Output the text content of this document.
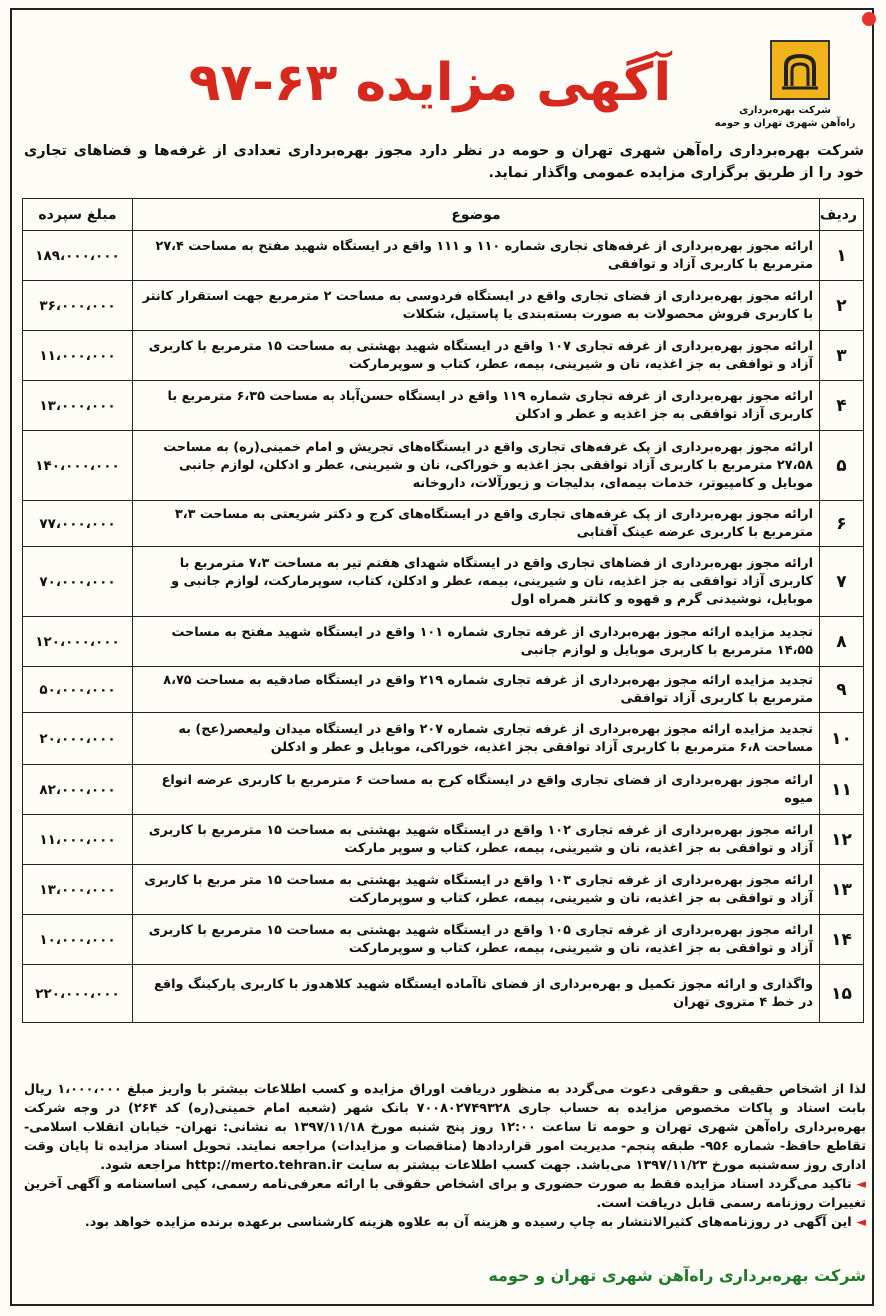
شرکت بهره‌برداری
راه‌آهن شهری تهران و حومه
آگهی مزایده ۶۳-۹۷
شرکت بهره‌برداری راه‌آهن شهری تهران و حومه در نظر دارد مجوز بهره‌برداری تعدادی از غرفه‌ها و فضاهای تجاری خود را از طریق برگزاری مزایده عمومی واگذار نماید.
ردیف	موضوع	مبلغ سپرده
۱	ارائه مجوز بهره‌برداری از غرفه‌های تجاری شماره ۱۱۰ و ۱۱۱ واقع در ایستگاه شهید مفتح به مساحت ۲۷،۴ مترمربع با کاربری آزاد و توافقی	۱۸۹،۰۰۰،۰۰۰
۲	ارائه مجوز بهره‌برداری از فضای تجاری واقع در ایستگاه فردوسی به مساحت ۲ مترمربع جهت استقرار کانتر با کاربری فروش محصولات به صورت بسته‌بندی یا پاستیل، شکلات	۳۶،۰۰۰،۰۰۰
۳	ارائه مجوز بهره‌برداری از غرفه تجاری ۱۰۷ واقع در ایستگاه شهید بهشتی به مساحت ۱۵ مترمربع با کاربری آزاد و توافقی به جز اغذیه، نان و شیرینی، بیمه، عطر، کتاب و سوپرمارکت	۱۱،۰۰۰،۰۰۰
۴	ارائه مجوز بهره‌برداری از غرفه تجاری شماره ۱۱۹ واقع در ایستگاه حسن‌آباد به مساحت ۶،۳۵ مترمربع با کاربری آزاد توافقی به جز اغذیه و عطر و ادکلن	۱۳،۰۰۰،۰۰۰
۵	ارائه مجوز بهره‌برداری از پک غرفه‌های تجاری واقع در ایستگاه‌های تجریش و امام خمینی(ره) به مساحت ۲۷،۵۸ مترمربع با کاربری آزاد توافقی بجز اغذیه و خوراکی، نان و شیرینی، عطر و ادکلن، لوازم جانبی موبایل و کامپیوتر، خدمات بیمه‌ای، بدلیجات و زیورآلات، داروخانه	۱۴۰،۰۰۰،۰۰۰
۶	ارائه مجوز بهره‌برداری از پک غرفه‌های تجاری واقع در ایستگاه‌های کرج و دکتر شریعتی به مساحت ۳،۳ مترمربع با کاربری عرضه عینک آفتابی	۷۷،۰۰۰،۰۰۰
۷	ارائه مجوز بهره‌برداری از فضاهای تجاری واقع در ایستگاه شهدای هفتم تیر به مساحت ۷،۳ مترمربع با کاربری آزاد توافقی به جز اغذیه، نان و شیرینی، بیمه، عطر و ادکلن، کتاب، سوپرمارکت، لوازم جانبی و موبایل، نوشیدنی گرم و قهوه و کانتر همراه اول	۷۰،۰۰۰،۰۰۰
۸	تجدید مزایده ارائه مجوز بهره‌برداری از غرفه تجاری شماره ۱۰۱ واقع در ایستگاه شهید مفتح به مساحت ۱۴،۵۵ مترمربع با کاربری موبایل و لوازم جانبی	۱۲۰،۰۰۰،۰۰۰
۹	تجدید مزایده ارائه مجوز بهره‌برداری از غرفه تجاری شماره ۲۱۹ واقع در ایستگاه صادقیه به مساحت ۸،۷۵ مترمربع با کاربری آزاد توافقی	۵۰،۰۰۰،۰۰۰
۱۰	تجدید مزایده ارائه مجوز بهره‌برداری از غرفه تجاری شماره ۲۰۷ واقع در ایستگاه میدان ولیعصر(عج) به مساحت ۶،۸ مترمربع با کاربری آزاد توافقی بجز اغذیه، خوراکی، موبایل و عطر و ادکلن	۲۰،۰۰۰،۰۰۰
۱۱	ارائه مجوز بهره‌برداری از فضای تجاری واقع در ایستگاه کرج به مساحت ۶ مترمربع با کاربری عرضه انواع میوه	۸۲،۰۰۰،۰۰۰
۱۲	ارائه مجوز بهره‌برداری از غرفه تجاری ۱۰۲ واقع در ایستگاه شهید بهشتی به مساحت ۱۵ مترمربع با کاربری آزاد و توافقی به جز اغذیه، نان و شیرینی، بیمه، عطر، کتاب و سوپر مارکت	۱۱،۰۰۰،۰۰۰
۱۳	ارائه مجوز بهره‌برداری از غرفه تجاری ۱۰۳ واقع در ایستگاه شهید بهشتی به مساحت ۱۵ متر مربع با کاربری آزاد و توافقی به جز اغذیه، نان و شیرینی، بیمه، عطر، کتاب و سوپرمارکت	۱۳،۰۰۰،۰۰۰
۱۴	ارائه مجوز بهره‌برداری از غرفه تجاری ۱۰۵ واقع در ایستگاه شهید بهشتی به مساحت ۱۵ مترمربع با کاربری آزاد و توافقی به جز اغذیه، نان و شیرینی، بیمه، عطر، کتاب و سوپرمارکت	۱۰،۰۰۰،۰۰۰
۱۵	واگذاری و ارائه مجوز تکمیل و بهره‌برداری از فضای ناآماده ایستگاه شهید کلاهدوز با کاربری پارکینگ واقع در خط ۴ متروی تهران	۲۲۰،۰۰۰،۰۰۰

لذا از اشخاص حقیقی و حقوقی دعوت می‌گردد به منظور دریافت اوراق مزایده و کسب اطلاعات بیشتر با واریز مبلغ ۱،۰۰۰،۰۰۰ ریال بابت اسناد و پاکات مخصوص مزایده به حساب جاری ۷۰۰۸۰۲۷۴۹۳۲۸ بانک شهر (شعبه امام خمینی(ره) کد ۲۶۴) در وجه شرکت بهره‌برداری راه‌آهن شهری تهران و حومه تا ساعت ۱۲:۰۰ روز پنج شنبه مورخ ۱۳۹۷/۱۱/۱۸ به نشانی: تهران- خیابان انقلاب اسلامی- تقاطع حافظ- شماره ۹۵۶- طبقه پنجم- مدیریت امور قراردادها (مناقصات و مزایدات) مراجعه نمایند. تحویل اسناد مزایده تا پایان وقت اداری روز سه‌شنبه مورخ ۱۳۹۷/۱۱/۲۳ می‌باشد. جهت کسب اطلاعات بیشتر به سایت http://merto.tehran.ir مراجعه شود.

◄ تاکید می‌گردد اسناد مزایده فقط به صورت حضوری و برای اشخاص حقوقی با ارائه معرفی‌نامه رسمی، کپی اساسنامه و آگهی آخرین تغییرات روزنامه رسمی قابل دریافت است.

◄ این آگهی در روزنامه‌های کثیرالانتشار به چاپ رسیده و هزینه آن به علاوه هزینه کارشناسی برعهده برنده مزایده خواهد بود.

شرکت بهره‌برداری راه‌آهن شهری تهران و حومه
